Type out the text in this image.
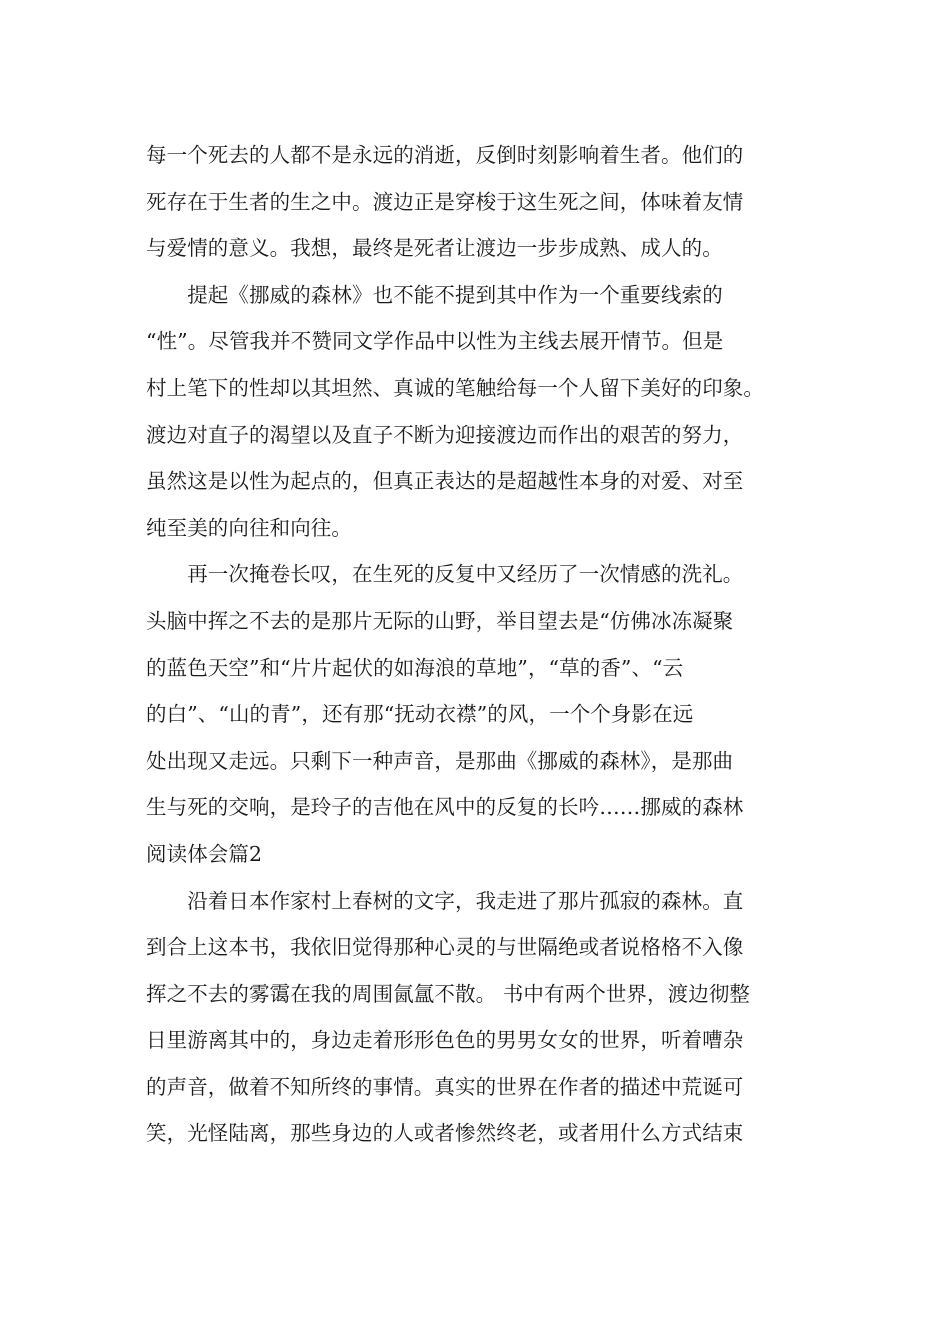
每一个死去的人都不是永远的消逝，反倒时刻影响着生者。他们的
死存在于生者的生之中。渡边正是穿梭于这生死之间，体味着友情
与爱情的意义。我想，最终是死者让渡边一步步成熟、成人的。
　　提起《挪威的森林》也不能不提到其中作为一个重要线索的
“性”。尽管我并不赞同文学作品中以性为主线去展开情节。但是
村上笔下的性却以其坦然、真诚的笔触给每一个人留下美好的印象。
渡边对直子的渴望以及直子不断为迎接渡边而作出的艰苦的努力，
虽然这是以性为起点的，但真正表达的是超越性本身的对爱、对至
纯至美的向往和向往。
　　再一次掩卷长叹，在生死的反复中又经历了一次情感的洗礼。
头脑中挥之不去的是那片无际的山野，举目望去是“仿佛冰冻凝聚
的蓝色天空”和“片片起伏的如海浪的草地”，“草的香”、“云
的白”、“山的青”，还有那“抚动衣襟”的风，一个个身影在远
处出现又走远。只剩下一种声音，是那曲《挪威的森林》，是那曲
生与死的交响，是玲子的吉他在风中的反复的长吟……挪威的森林
阅读体会篇2
　　沿着日本作家村上春树的文字，我走进了那片孤寂的森林。直
到合上这本书，我依旧觉得那种心灵的与世隔绝或者说格格不入像
挥之不去的雾霭在我的周围氤氲不散。 书中有两个世界，渡边彻整
日里游离其中的，身边走着形形色色的男男女女的世界，听着嘈杂
的声音，做着不知所终的事情。真实的世界在作者的描述中荒诞可
笑，光怪陆离，那些身边的人或者惨然终老，或者用什么方式结束
